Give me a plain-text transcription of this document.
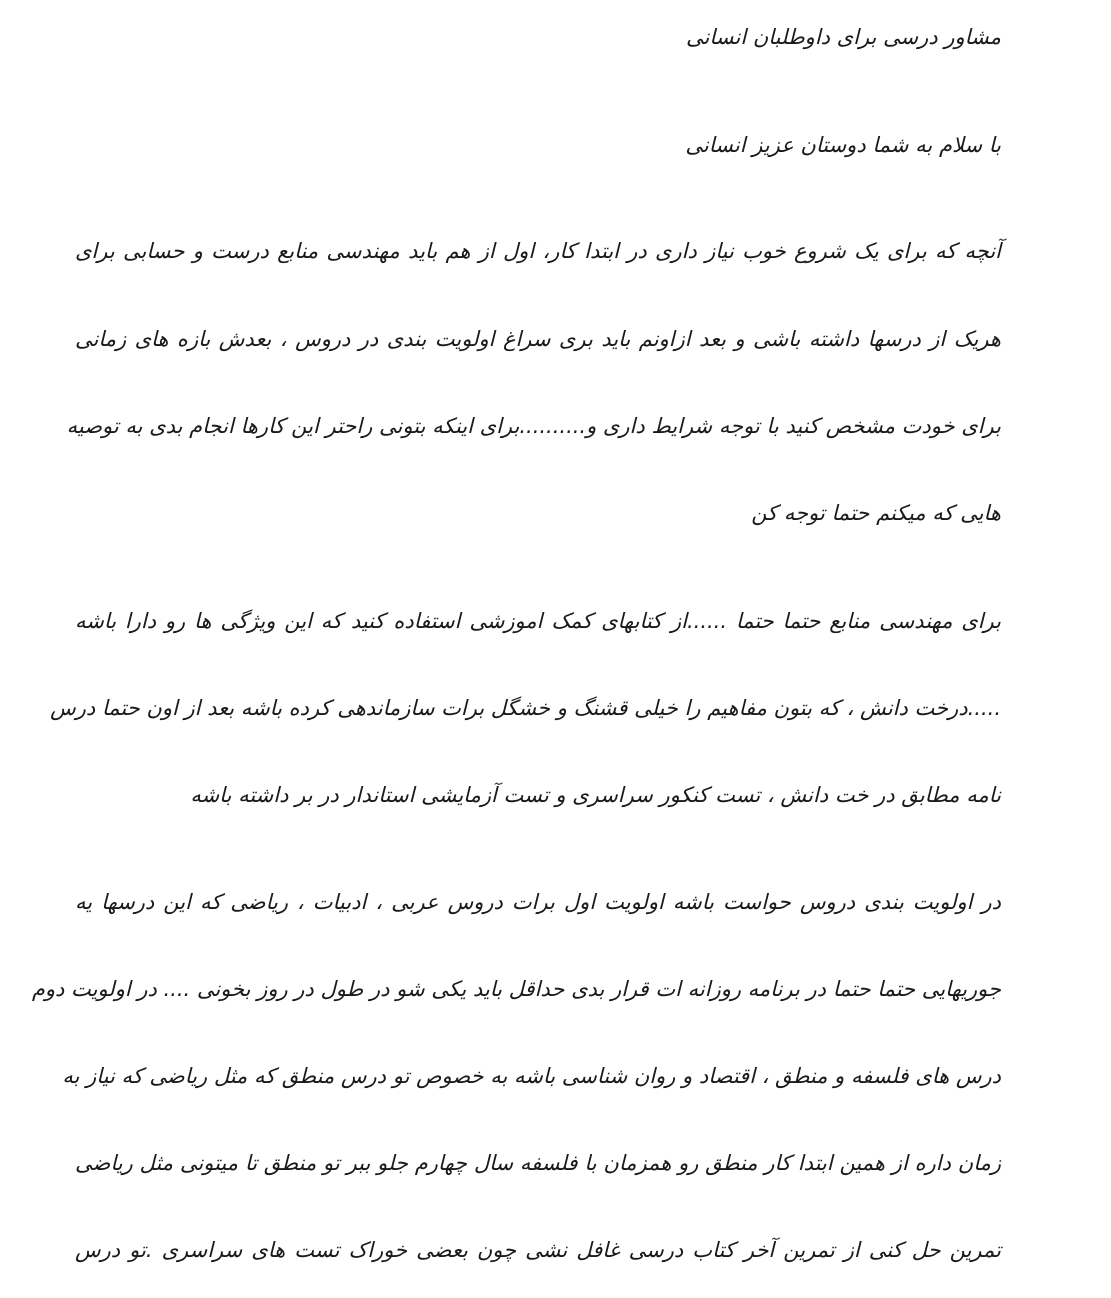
مشاور درسی برای داوطلبان انسانی

با سلام به شما دوستان عزیز انسانی

آنچه که برای یک شروع خوب نیاز داری در ابتدا کار، اول از هم باید مهندسی منابع درست و حسابی برای

هریک از درسها داشته باشی و بعد ازاونم باید بری سراغ اولویت بندی در دروس ، بعدش بازه های زمانی

برای خودت مشخص کنید با توجه شرایط داری و..........برای اینکه بتونی راحتر این کارها انجام بدی به توصیه

هایی که میکنم حتما توجه کن

برای مهندسی منابع حتما حتما ......از کتابهای کمک اموزشی استفاده کنید که این ویژگی ها رو دارا باشه

.....درخت دانش ، که بتون مفاهیم را خیلی قشنگ و خشگل برات سازماندهی کرده باشه بعد از اون حتما درس

نامه مطابق در خت دانش ، تست کنکور سراسری و تست آزمایشی استاندار در بر داشته باشه

در اولویت بندی دروس حواست باشه اولویت اول برات دروس عربی ، ادبیات ، ریاضی که این درسها یه

جوریهایی حتما حتما در برنامه روزانه ات قرار بدی حداقل باید یکی شو در طول در روز بخونی .... در اولویت دوم

درس های فلسفه و منطق ، اقتصاد و روان شناسی باشه به خصوص تو درس منطق که مثل ریاضی که نیاز به

زمان داره از همین ابتدا کار منطق رو همزمان با فلسفه سال چهارم جلو ببر تو منطق تا میتونی مثل ریاضی

تمرین حل کنی از تمرین آخر کتاب درسی غافل نشی چون بعضی خوراک تست های سراسری .تو درس
